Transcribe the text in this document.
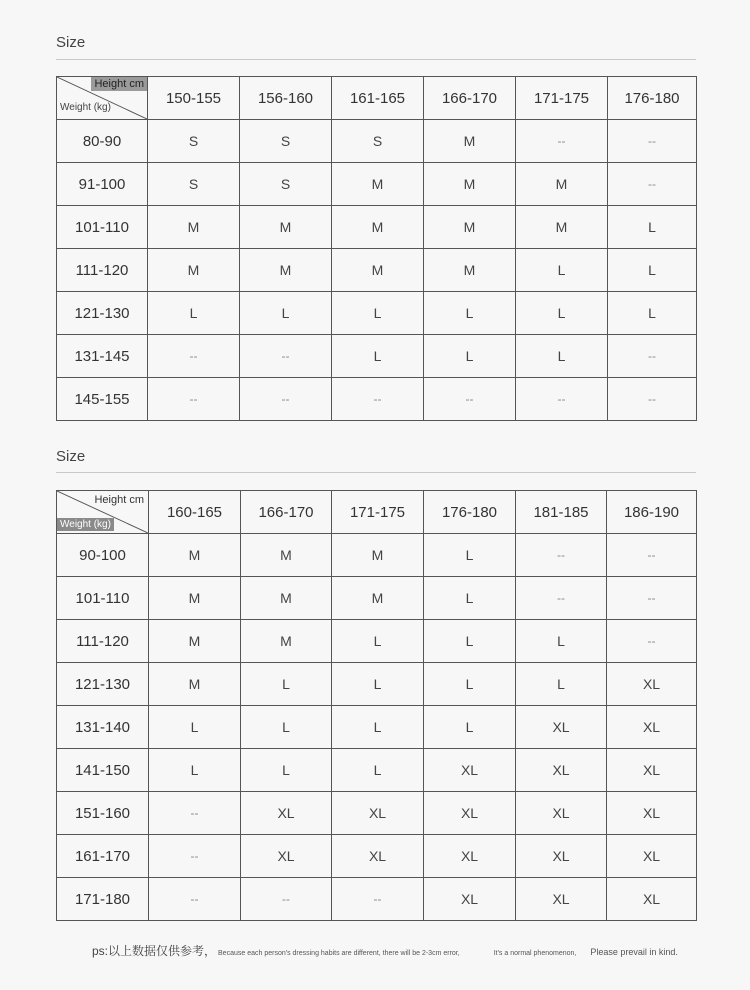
Size
Height cm
Weight (kg)	150-155	156-160	161-165	166-170	171-175	176-180
80-90	S	S	S	M	--	--
91-100	S	S	M	M	M	--
101-110	M	M	M	M	M	L
111-120	M	M	M	M	L	L
121-130	L	L	L	L	L	L
131-145	--	--	L	L	L	--
145-155	--	--	--	--	--	--
Size
Height cm
Weight (kg)	160-165	166-170	171-175	176-180	181-185	186-190
90-100	M	M	M	L	--	--
101-110	M	M	M	L	--	--
111-120	M	M	L	L	L	--
121-130	M	L	L	L	L	XL
131-140	L	L	L	L	XL	XL
141-150	L	L	L	XL	XL	XL
151-160	--	XL	XL	XL	XL	XL
161-170	--	XL	XL	XL	XL	XL
171-180	--	--	--	XL	XL	XL
ps:以上数据仅供参考， Because each person's dressing habits are different, there will be 2-3cm error,	It's a normal phenomenon, Please prevail in kind.
